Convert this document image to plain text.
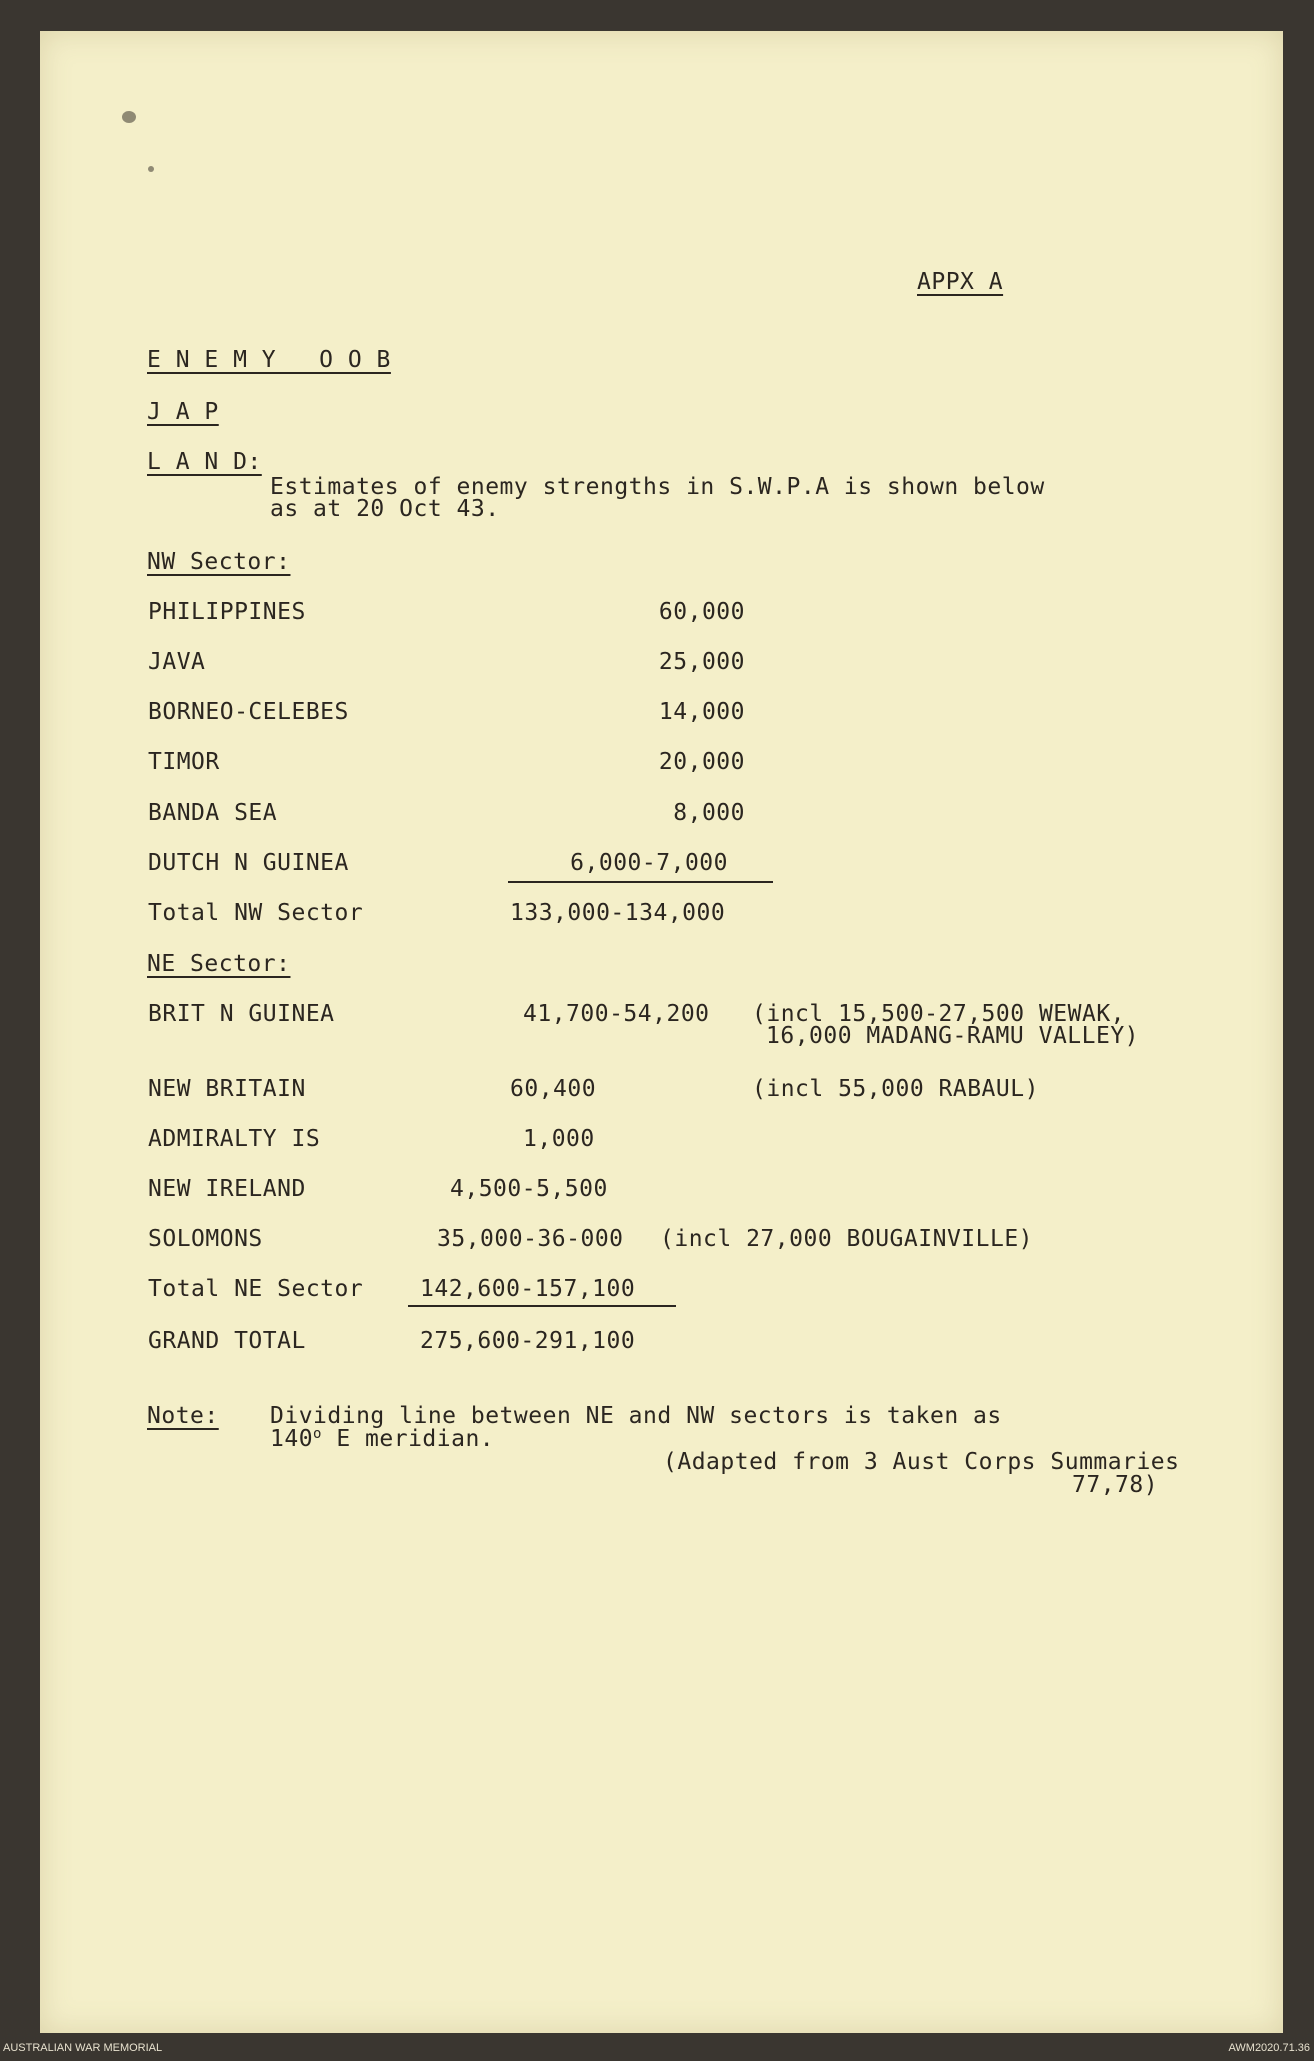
APPX A
E N E M Y   O O B
J A P
L A N D:
Estimates of enemy strengths in S.W.P.A is shown below
as at 20 Oct 43.
NW Sector:
PHILIPPINES	60,000
JAVA	25,000
BORNEO-CELEBES	14,000
TIMOR	20,000
BANDA SEA	8,000
DUTCH N GUINEA	6,000-7,000
Total NW Sector	133,000-134,000
NE Sector:
BRIT N GUINEA	41,700-54,200 (incl 15,500-27,500 WEWAK,
16,000 MADANG-RAMU VALLEY)
NEW BRITAIN	60,400	(incl 55,000 RABAUL)
ADMIRALTY IS	1,000
NEW IRELAND	4,500-5,500
SOLOMONS	35,000-36-000 (incl 27,000 BOUGAINVILLE)
Total NE Sector 142,600-157,100
GRAND TOTAL	275,600-291,100
Note: Dividing line between NE and NW sectors is taken as
140$^o$ E meridian.
(Adapted from 3 Aust Corps Summaries
77,78)
AUSTRALIAN WAR MEMORIAL	AWM2020.71.36
